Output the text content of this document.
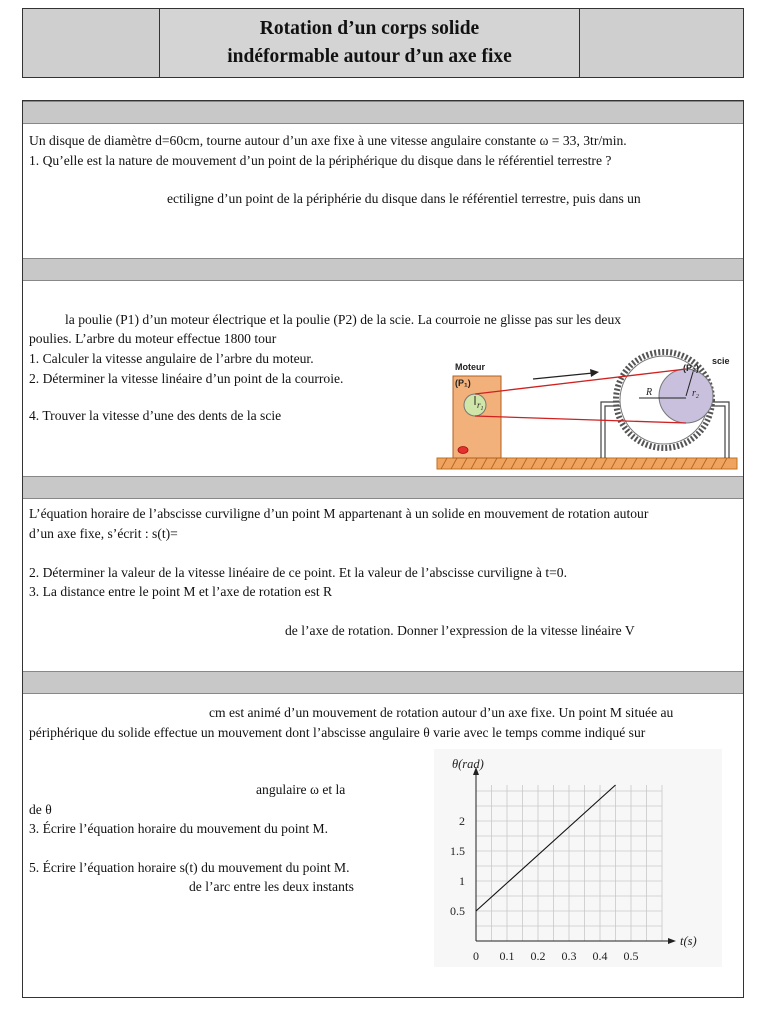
Rotation d’un corps solide
indéformable autour d’un axe fixe
Un disque de diamètre d=60cm, tourne autour d’un axe fixe à une vitesse angulaire constante ω = 33, 3tr/min.
1. Qu’elle est la nature de mouvement d’un point de la périphérique du disque dans le référentiel terrestre ?
ectiligne d’un point de la périphérie du disque dans le référentiel terrestre, puis dans un
la poulie (P1) d’un moteur électrique et la poulie (P2) de la scie. La courroie ne glisse pas sur les deux
poulies. L’arbre du moteur effectue 1800 tour
1. Calculer la vitesse angulaire de l’arbre du moteur.
2. Déterminer la vitesse linéaire d’un point de la courroie.
4. Trouver la vitesse d’une des dents de la scie
Moteur
(P₁)
$r_1$
$r_2$
R
(P₂)
scie
L’équation horaire de l’abscisse curviligne d’un point M appartenant à un solide en mouvement de rotation autour
d’un axe fixe, s’écrit : s(t)=
2. Déterminer la valeur de la vitesse linéaire de ce point. Et la valeur de l’abscisse curviligne à t=0.
3. La distance entre le point M et l’axe de rotation est R
de l’axe de rotation. Donner l’expression de la vitesse linéaire V
cm est animé d’un mouvement de rotation autour d’un axe fixe. Un point M située au
périphérique du solide effectue un mouvement dont l’abscisse angulaire θ varie avec le temps comme indiqué sur
angulaire ω et la
de θ
3. Écrire l’équation horaire du mouvement du point M.
5. Écrire l’équation horaire s(t) du mouvement du point M.
de l’arc entre les deux instants
0 0.1 0.2 0.3 0.4 0.5
0.5
1
1.5
2
θ(rad)
t(s)
